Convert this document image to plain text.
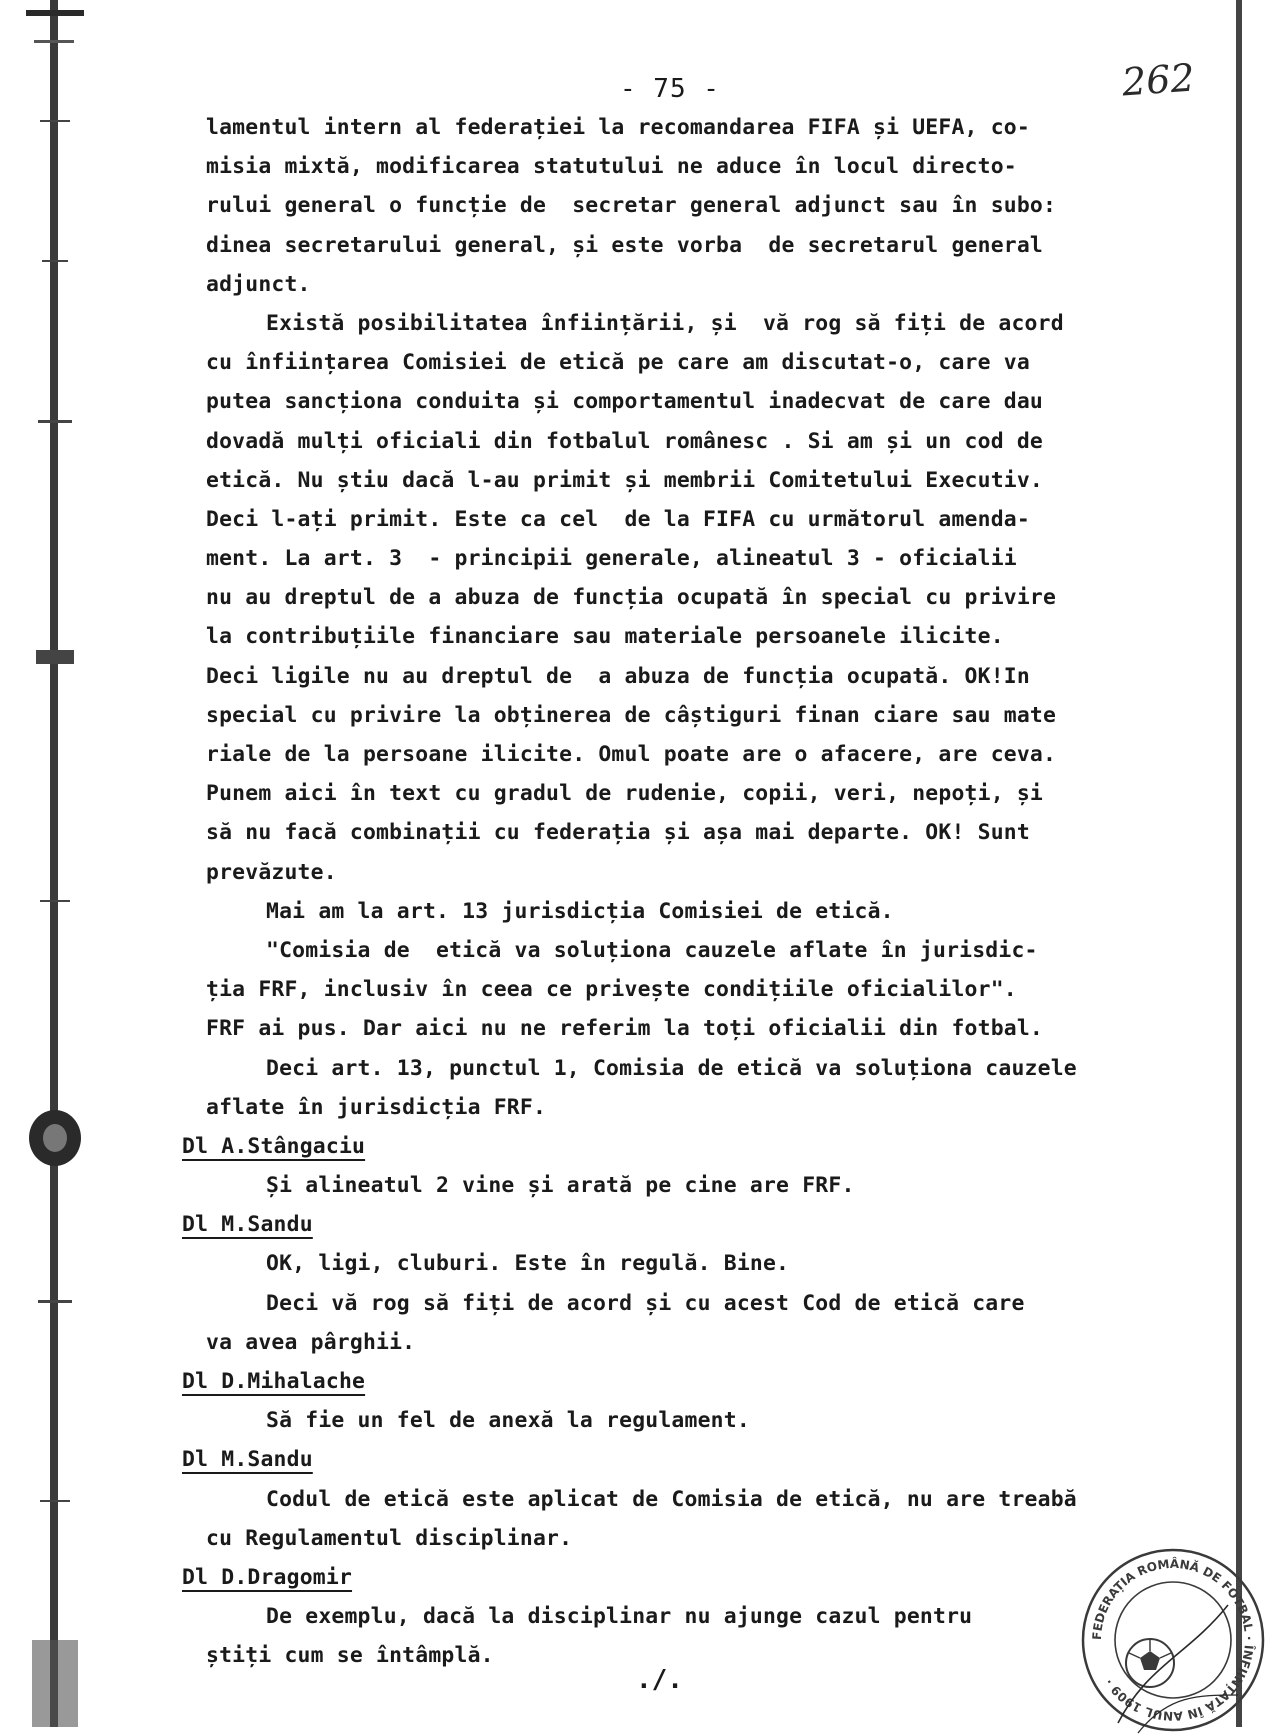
- 75 -	262
lamentul intern al federației la recomandarea FIFA și UEFA, co-
misia mixtă, modificarea statutului ne aduce în locul directo-
rului general o funcție de  secretar general adjunct sau în subo:
dinea secretarului general, și este vorba  de secretarul general
adjunct.
Există posibilitatea înființării, și  vă rog să fiți de acord
cu înființarea Comisiei de etică pe care am discutat-o, care va
putea sancționa conduita și comportamentul inadecvat de care dau
dovadă mulți oficiali din fotbalul românesc . Si am și un cod de
etică. Nu știu dacă l-au primit și membrii Comitetului Executiv.
Deci l-ați primit. Este ca cel  de la FIFA cu următorul amenda-
ment. La art. 3  - principii generale, alineatul 3 - oficialii
nu au dreptul de a abuza de funcția ocupată în special cu privire
la contribuțiile financiare sau materiale persoanele ilicite.
Deci ligile nu au dreptul de  a abuza de funcția ocupată. OK!In
special cu privire la obținerea de câștiguri finan ciare sau mate
riale de la persoane ilicite. Omul poate are o afacere, are ceva.
Punem aici în text cu gradul de rudenie, copii, veri, nepoți, și
să nu facă combinații cu federația și așa mai departe. OK! Sunt
prevăzute.
Mai am la art. 13 jurisdicția Comisiei de etică.
"Comisia de  etică va soluționa cauzele aflate în jurisdic-
ția FRF, inclusiv în ceea ce privește condițiile oficialilor".
FRF ai pus. Dar aici nu ne referim la toți oficialii din fotbal.
Deci art. 13, punctul 1, Comisia de etică va soluționa cauzele
aflate în jurisdicția FRF.
Dl A.Stângaciu
Și alineatul 2 vine și arată pe cine are FRF.
Dl M.Sandu
OK, ligi, cluburi. Este în regulă. Bine.
Deci vă rog să fiți de acord și cu acest Cod de etică care
va avea pârghii.
Dl D.Mihalache
Să fie un fel de anexă la regulament.
Dl M.Sandu
Codul de etică este aplicat de Comisia de etică, nu are treabă
cu Regulamentul disciplinar.
Dl D.Dragomir
De exemplu, dacă la disciplinar nu ajunge cazul pentru
știți cum se întâmplă.
FEDERAȚIA ROMÂNĂ DE FOTBAL · ÎNFIINȚATĂ ÎN ANUL 1909 ·
./.
